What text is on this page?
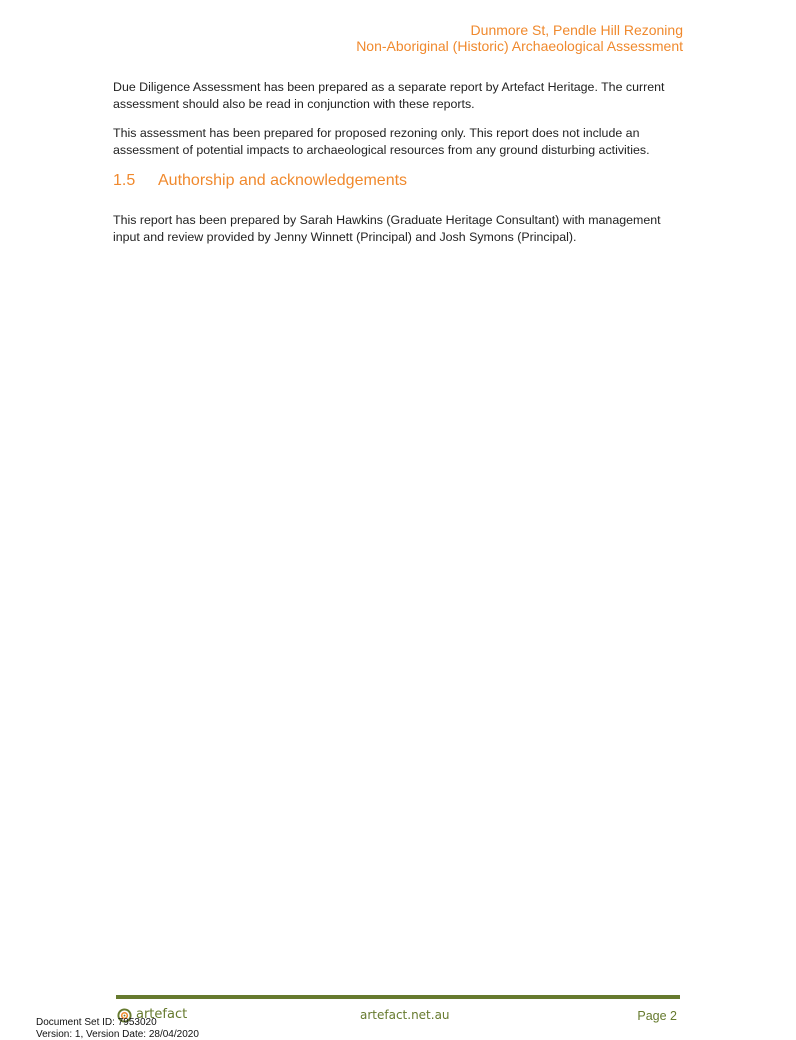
Dunmore St, Pendle Hill Rezoning
Non-Aboriginal (Historic) Archaeological Assessment

Due Diligence Assessment has been prepared as a separate report by Artefact Heritage. The current assessment should also be read in conjunction with these reports.

This assessment has been prepared for proposed rezoning only. This report does not include an assessment of potential impacts to archaeological resources from any ground disturbing activities.

1.5 Authorship and acknowledgements

This report has been prepared by Sarah Hawkins (Graduate Heritage Consultant) with management input and review provided by Jenny Winnett (Principal) and Josh Symons (Principal).

artefact	artefact.net.au	Page 2
Document Set ID: 7953020
Version: 1, Version Date: 28/04/2020
